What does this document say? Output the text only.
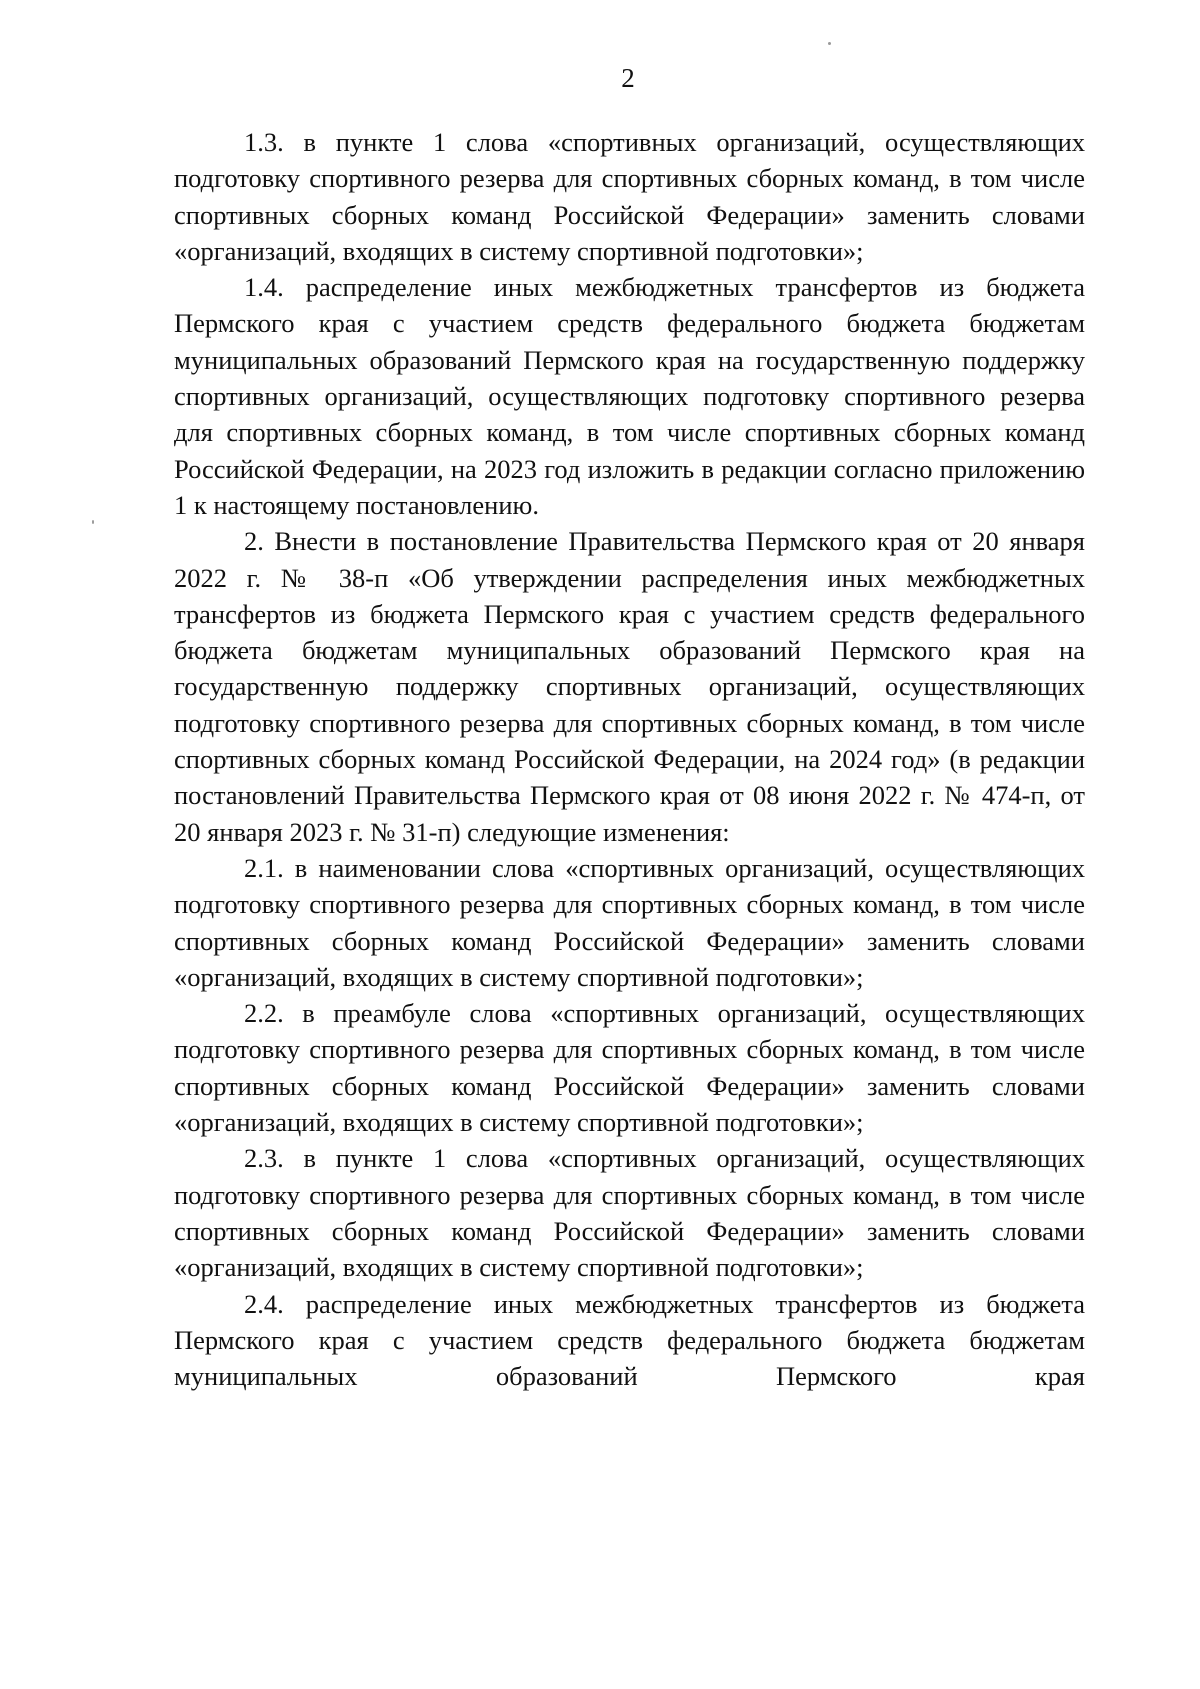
2

1.3. в пункте 1 слова «спортивных организаций, осуществляющих подготовку спортивного резерва для спортивных сборных команд, в том числе спортивных сборных команд Российской Федерации» заменить словами «организаций, входящих в систему спортивной подготовки»;

1.4. распределение иных межбюджетных трансфертов из бюджета Пермского края с участием средств федерального бюджета бюджетам муниципальных образований Пермского края на государственную поддержку спортивных организаций, осуществляющих подготовку спортивного резерва для спортивных сборных команд, в том числе спортивных сборных команд Российской Федерации, на 2023 год изложить в редакции согласно приложению 1 к настоящему постановлению.

2. Внести в постановление Правительства Пермского края от 20 января 2022 г. № 38-п «Об утверждении распределения иных межбюджетных трансфертов из бюджета Пермского края с участием средств федерального бюджета бюджетам муниципальных образований Пермского края на государственную поддержку спортивных организаций, осуществляющих подготовку спортивного резерва для спортивных сборных команд, в том числе спортивных сборных команд Российской Федерации, на 2024 год» (в редакции постановлений Правительства Пермского края от 08 июня 2022 г. № 474-п, от 20 января 2023 г. № 31-п) следующие изменения:

2.1. в наименовании слова «спортивных организаций, осуществляющих подготовку спортивного резерва для спортивных сборных команд, в том числе спортивных сборных команд Российской Федерации» заменить словами «организаций, входящих в систему спортивной подготовки»;

2.2. в преамбуле слова «спортивных организаций, осуществляющих подготовку спортивного резерва для спортивных сборных команд, в том числе спортивных сборных команд Российской Федерации» заменить словами «организаций, входящих в систему спортивной подготовки»;

2.3. в пункте 1 слова «спортивных организаций, осуществляющих подготовку спортивного резерва для спортивных сборных команд, в том числе спортивных сборных команд Российской Федерации» заменить словами «организаций, входящих в систему спортивной подготовки»;

2.4. распределение иных межбюджетных трансфертов из бюджета Пермского края с участием средств федерального бюджета бюджетам муниципальных образований Пермского края
